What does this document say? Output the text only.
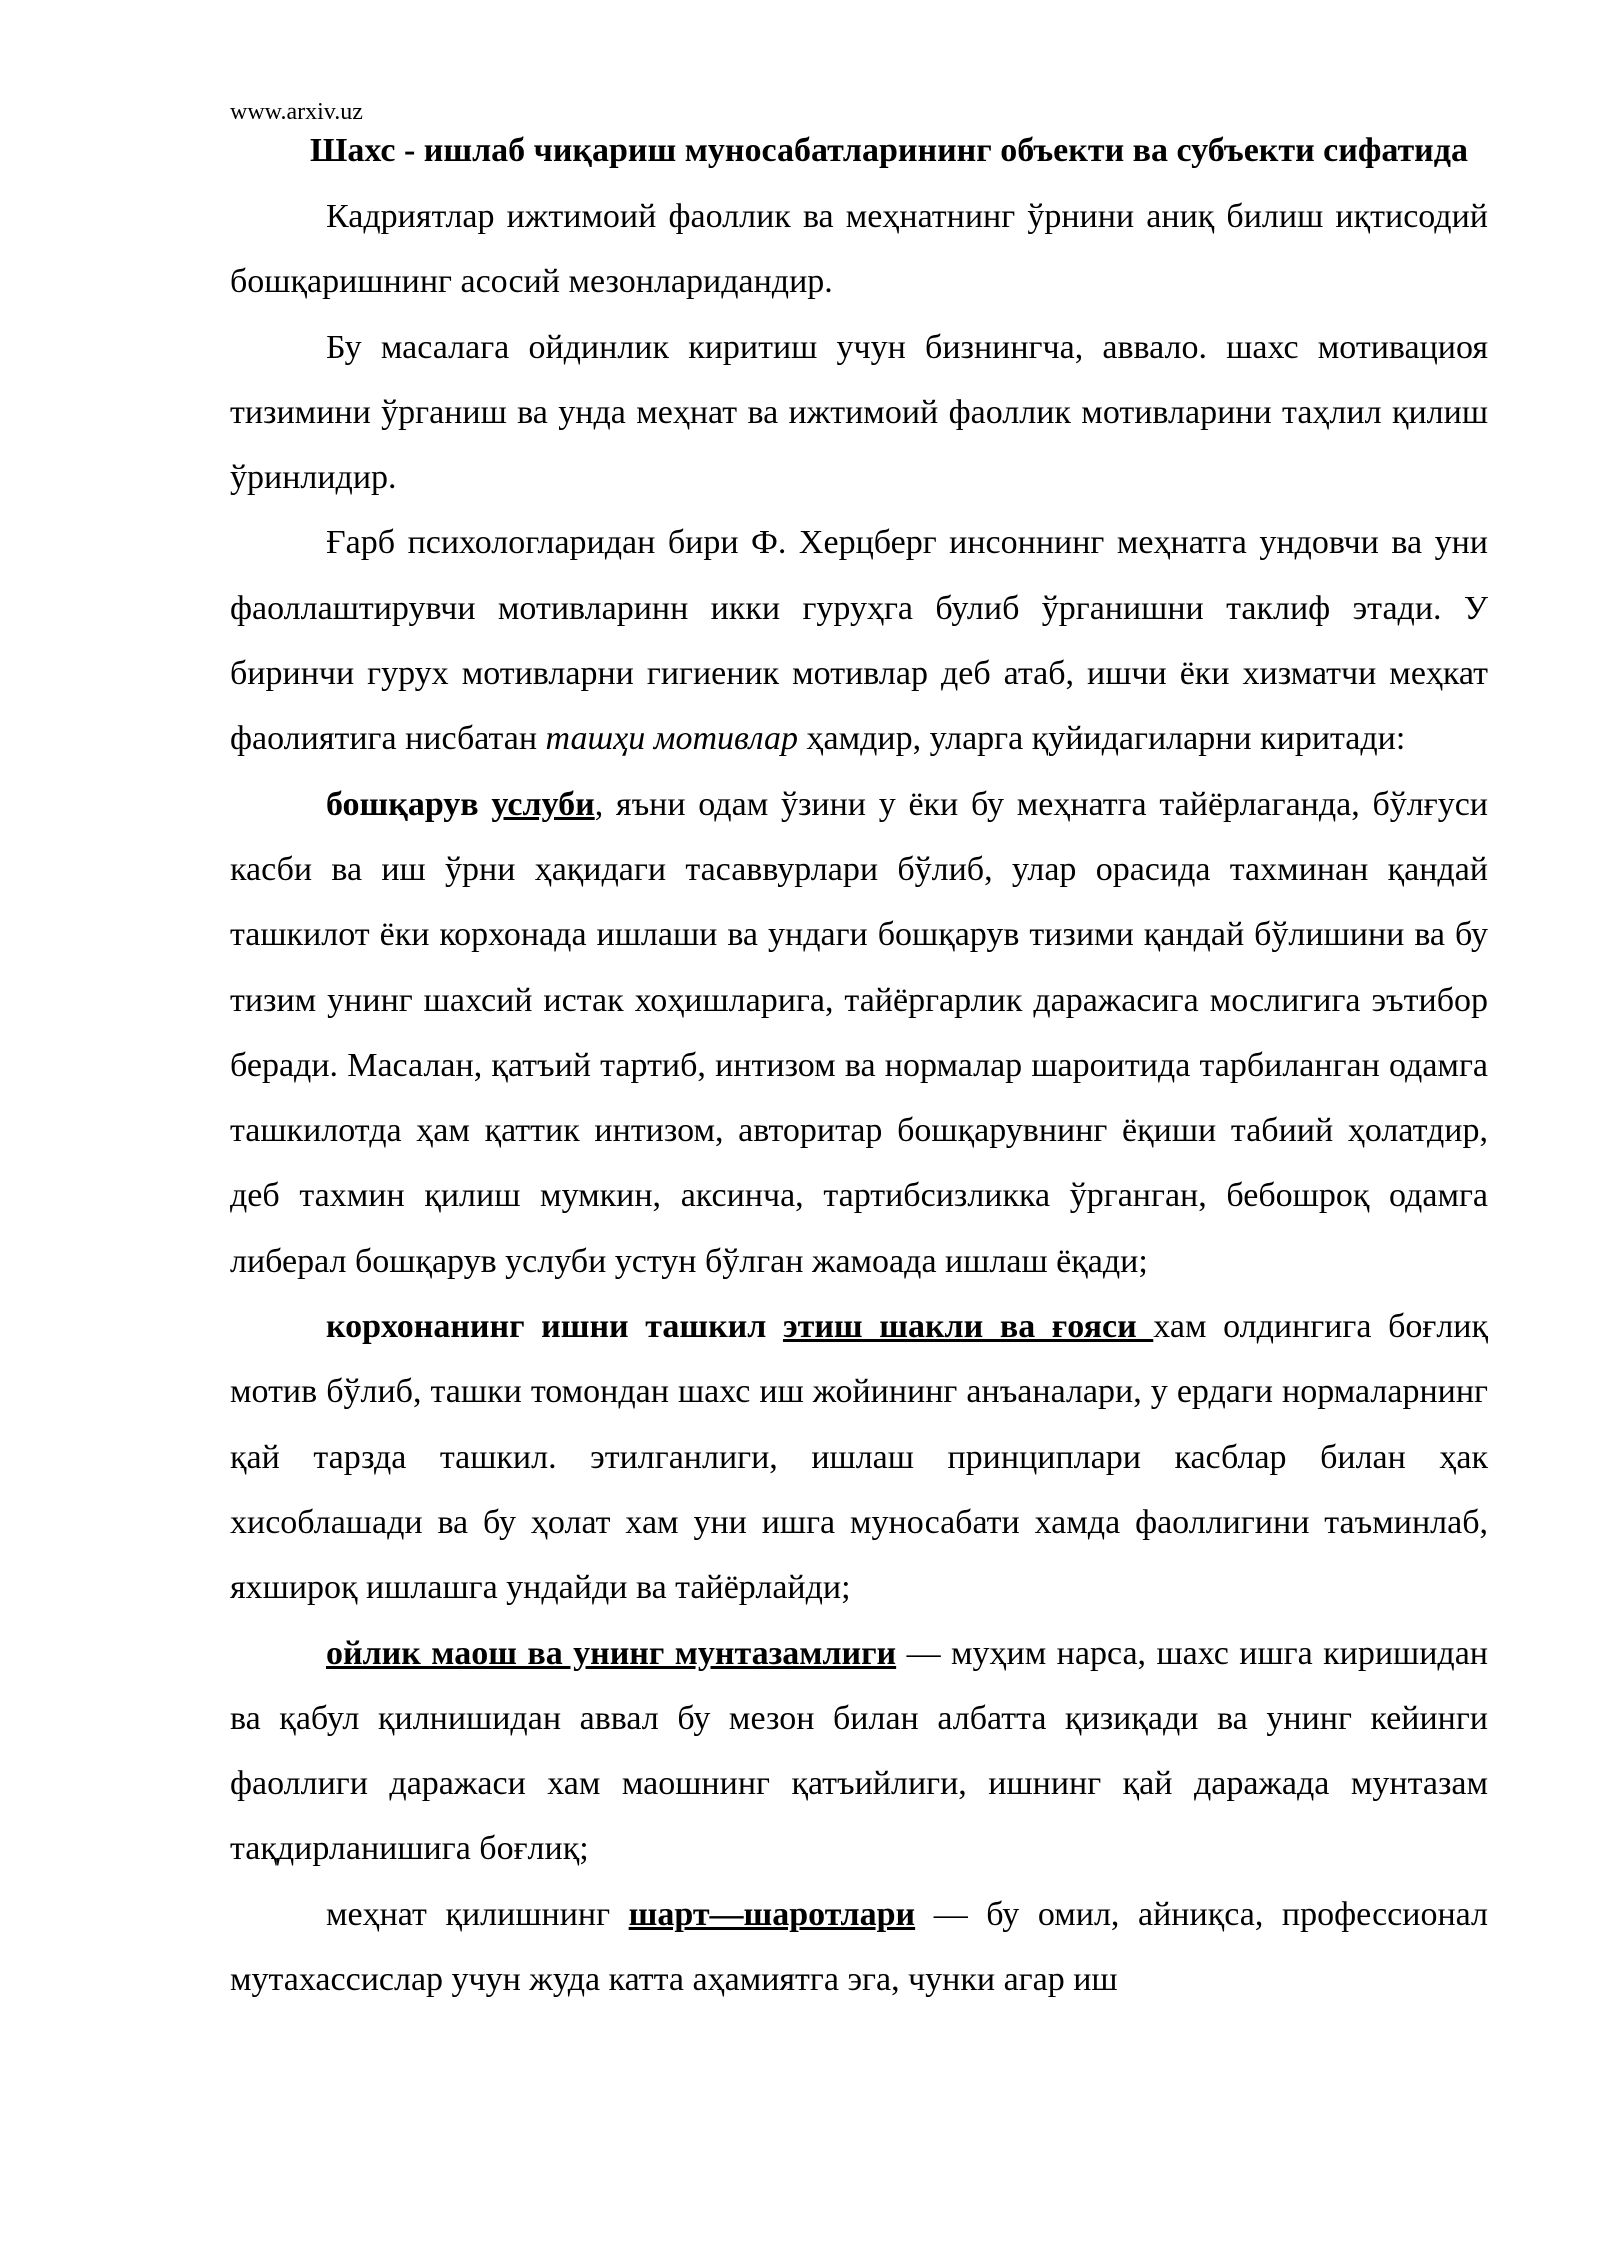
www.arxiv.uz

Шахс - ишлаб чиқариш муносабатларининг объекти ва субъекти сифатида

Кадриятлар ижтимоий фаоллик ва меҳнатнинг ўрнини аниқ билиш иқтисодий бошқаришнинг асосий мезонларидандир.

Бу масалага ойдинлик киритиш учун бизнингча, аввало. шахс мотивациоя тизимини ўрганиш ва унда меҳнат ва ижтимоий фаоллик мотивларини таҳлил қилиш ўринлидир.

Ғарб психологларидан бири Ф. Херцберг инсоннинг меҳнатга ундовчи ва уни фаоллаштирувчи мотивларинн икки гуруҳга булиб ўрганишни таклиф этади. У биринчи гурух мотивларни гигиеник мотивлар деб атаб, ишчи ёки хизматчи меҳкат фаолиятига нисбатан ташҳи мотивлар ҳамдир, уларга қуйидагиларни киритади:

бошқарув услуби, яъни одам ўзини у ёки бу меҳнатга тайёрлаганда, бўлғуси касби ва иш ўрни ҳақидаги тасаввурлари бўлиб, улар орасида тахминан қандай ташкилот ёки корхонада ишлаши ва ундаги бошқарув тизими қандай бўлишини ва бу тизим унинг шахсий истак хоҳишларига, тайёргарлик даражасига мослигига эътибор беради. Масалан, қатъий тартиб, интизом ва нормалар шароитида тарбиланган одамга ташкилотда ҳам қаттик интизом, авторитар бошқарувнинг ёқиши табиий ҳолатдир, деб тахмин қилиш мумкин, аксинча, тартибсизликка ўрганган, бебошроқ одамга либерал бошқарув услуби устун бўлган жамоада ишлаш ёқади;

корхонанинг ишни ташкил этиш шакли ва ғояси хам олдингига боғлиқ мотив бўлиб, ташки томондан шахс иш жойининг анъаналари, у ердаги нормаларнинг қай тарзда ташкил. этилганлиги, ишлаш принциплари касблар билан ҳак хисоблашади ва бу ҳолат хам уни ишга муносабати хамда фаоллигини таъминлаб, яхшироқ ишлашга ундайди ва тайёрлайди;

ойлик маош ва унинг мунтазамлиги — муҳим нарса, шахс ишга киришидан ва қабул қилнишидан аввал бу мезон билан албатта қизиқади ва унинг кейинги фаоллиги даражаси хам маошнинг қатъийлиги, ишнинг қай даражада мунтазам тақдирланишига боғлиқ;

меҳнат қилишнинг шарт—шаротлари — бу омил, айниқса, профессионал мутахассислар учун жуда катта аҳамиятга эга, чунки агар иш
